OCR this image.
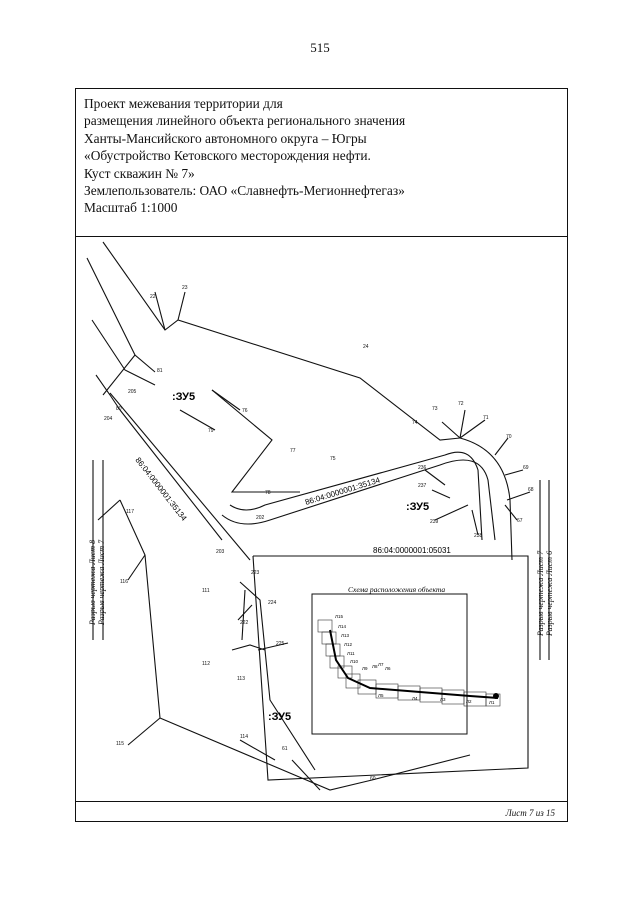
515
Проект межевания территории для
размещения линейного объекта регионального значения
Ханты-Мансийского автономного округа – Югры
«Обустройство Кетовского месторождения нефти.
Куст скважин № 7»
Землепользователь: ОАО «Славнефть-Мегионнефтегаз»
Масштаб 1:1000
Лист 7 из 15
22
23
24
81
80
204
205
76
77
78
79
75
74
73
72
71
70
69
68
67
236
237
238
239
202
203
117
116
223
224
111
222
225
112
113
115
114
61
60
:ЗУ5
:ЗУ5
:ЗУ5
86:04:0000001:35134	86:04:0000001:35134
86:04:0000001:05031
Схема расположения объекта
Л15
Л14
Л13
Л12
Л11
Л10
Л9 Л8 Л7
Л6
Л5
Л4	Л3	Л2	Л1
Разрыв чертежа Лист 8 Разрыв чертежа Лист 7	Разрыв чертежа Лист 7 Разрыв чертежа Лист 6
